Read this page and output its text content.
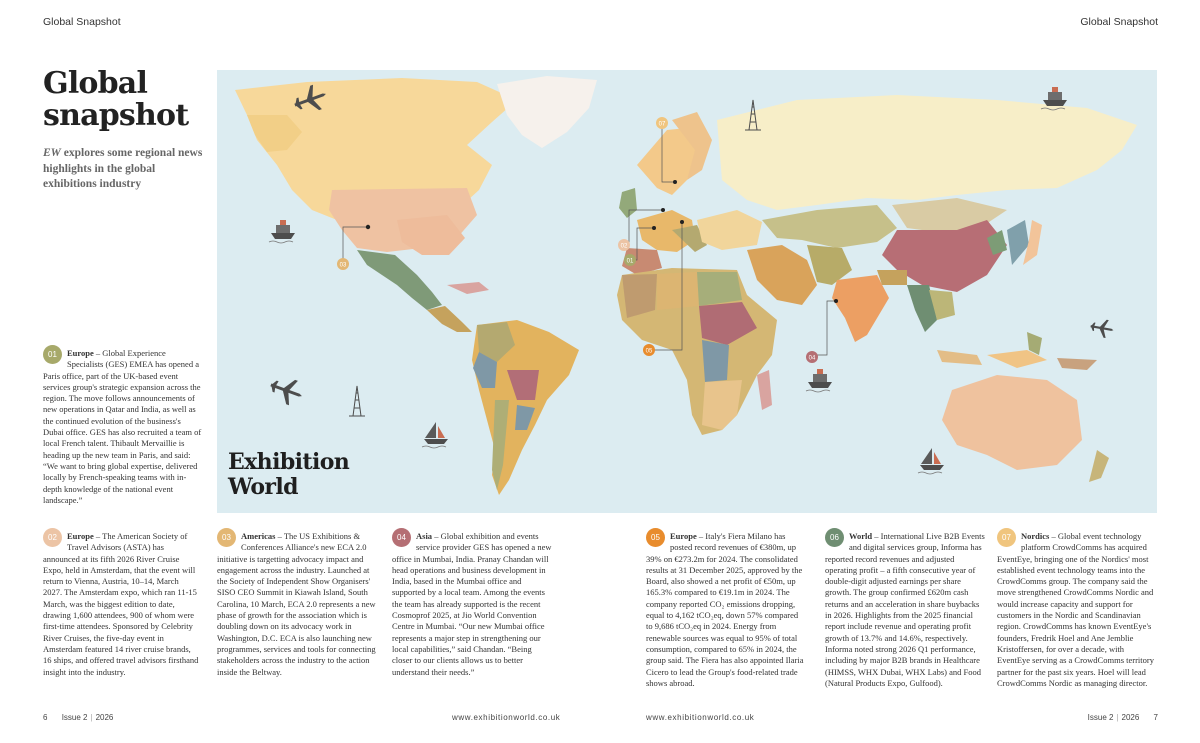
Global Snapshot	Global Snapshot
Global snapshot

EW explores some regional news highlights in the global exhibitions industry

03
02
01
05
07
04
Exhibition
World
01	Europe – Global Experience Specialists (GES) EMEA has opened a Paris office, part of the UK-based event services group's strategic expansion across the region. The move follows announcements of new operations in Qatar and India, as well as the continued evolution of the business's Dubai office. GES has also recruited a team of local French talent. Thibault Mervaillie is heading up the new team in Paris, and said: “We want to bring global expertise, delivered locally by French-speaking teams with in-depth knowledge of the national event landscape.”
02	Europe – The American Society of Travel Advisors (ASTA) has announced at its fifth 2026 River Cruise Expo, held in Amsterdam, that the event will return to Vienna, Austria, 10–14, March 2027. The Amsterdam expo, which ran 11-15 March, was the biggest edition to date, drawing 1,600 attendees, 900 of whom were first-time attendees. Sponsored by Celebrity River Cruises, the five-day event in Amsterdam featured 14 river cruise brands, 16 ships, and offered travel advisors firsthand insight into the industry.
03	Americas – The US Exhibitions & Conferences Alliance's new ECA 2.0 initiative is targetting advocacy impact and engagement across the industry. Launched at the Society of Independent Show Organisers' SISO CEO Summit in Kiawah Island, South Carolina, 10 March, ECA 2.0 represents a new phase of growth for the association which is doubling down on its advocacy work in Washington, D.C. ECA is also launching new programmes, services and tools for connecting stakeholders across the industry to the action inside the Beltway.
04	Asia – Global exhibition and events service provider GES has opened a new office in Mumbai, India. Pranay Chandan will head operations and business development in India, based in the Mumbai office and supported by a local team. Among the events the team has already supported is the recent Cosmoprof 2025, at Jio World Convention Centre in Mumbai. “Our new Mumbai office represents a major step in strengthening our local capabilities,” said Chandan. “Being closer to our clients allows us to better understand their needs.”
05	Europe – Italy's Fiera Milano has posted record revenues of €380m, up 39% on €273.2m for 2024. The consolidated results at 31 December 2025, approved by the Board, also showed a net profit of €50m, up 165.3% compared to €19.1m in 2024. The company reported CO₂ emissions dropping, equal to 4,162 tCO₂eq, down 57% compared to 9,686 tCO₂eq in 2024. Energy from renewable sources was equal to 95% of total consumption, compared to 65% in 2024, the group said. The Fiera has also appointed Ilaria Cicero to lead the Group's food-related trade shows abroad.
06	World – International Live B2B Events and digital services group, Informa has reported record revenues and adjusted operating profit – a fifth consecutive year of double-digit adjusted earnings per share growth. The group confirmed £620m cash returns and an acceleration in share buybacks in 2026. Highlights from the 2025 financial report include revenue and operating profit growth of 13.7% and 14.6%, respectively. Informa noted strong 2026 Q1 performance, including by major B2B brands in Healthcare (HIMSS, WHX Dubai, WHX Labs) and Food (Natural Products Expo, Gulfood).
07	Nordics – Global event technology platform CrowdComms has acquired EventEye, bringing one of the Nordics' most established event technology teams into the CrowdComms group. The company said the move strengthened CrowdComms Nordic and would increase capacity and support for customers in the Nordic and Scandinavian region. CrowdComms has known EventEye's founders, Fredrik Hoel and Ane Jemblie Kristoffersen, for over a decade, with EventEye serving as a CrowdComms territory partner for the past six years. Hoel will lead CrowdComms Nordic as managing director.
6 Issue 2 | 2026	www.exhibitionworld.co.uk	www.exhibitionworld.co.uk	Issue 2 | 2026 7
